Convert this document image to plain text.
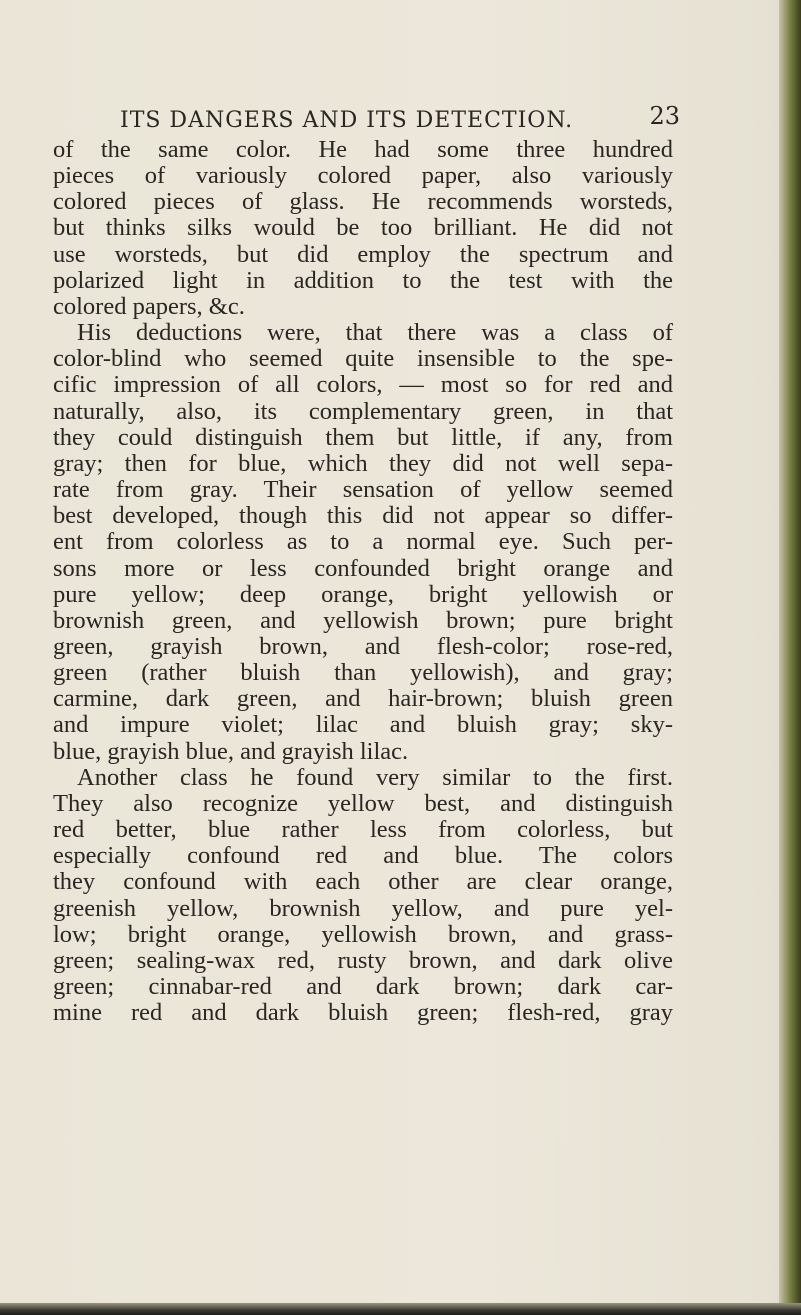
ITS DANGERS AND ITS DETECTION.	23
of the same color. He had some three hundred
pieces of variously colored paper, also variously
colored pieces of glass. He recommends worsteds,
but thinks silks would be too brilliant. He did not
use worsteds, but did employ the spectrum and
polarized light in addition to the test with the
colored papers, &c.
His deductions were, that there was a class of
color-blind who seemed quite insensible to the spe-
cific impression of all colors, — most so for red and
naturally, also, its complementary green, in that
they could distinguish them but little, if any, from
gray; then for blue, which they did not well sepa-
rate from gray. Their sensation of yellow seemed
best developed, though this did not appear so differ-
ent from colorless as to a normal eye. Such per-
sons more or less confounded bright orange and
pure yellow; deep orange, bright yellowish or
brownish green, and yellowish brown; pure bright
green, grayish brown, and flesh-color; rose-red,
green (rather bluish than yellowish), and gray;
carmine, dark green, and hair-brown; bluish green
and impure violet; lilac and bluish gray; sky-
blue, grayish blue, and grayish lilac.
Another class he found very similar to the first.
They also recognize yellow best, and distinguish
red better, blue rather less from colorless, but
especially confound red and blue. The colors
they confound with each other are clear orange,
greenish yellow, brownish yellow, and pure yel-
low; bright orange, yellowish brown, and grass-
green; sealing-wax red, rusty brown, and dark olive
green; cinnabar-red and dark brown; dark car-
mine red and dark bluish green; flesh-red, gray
